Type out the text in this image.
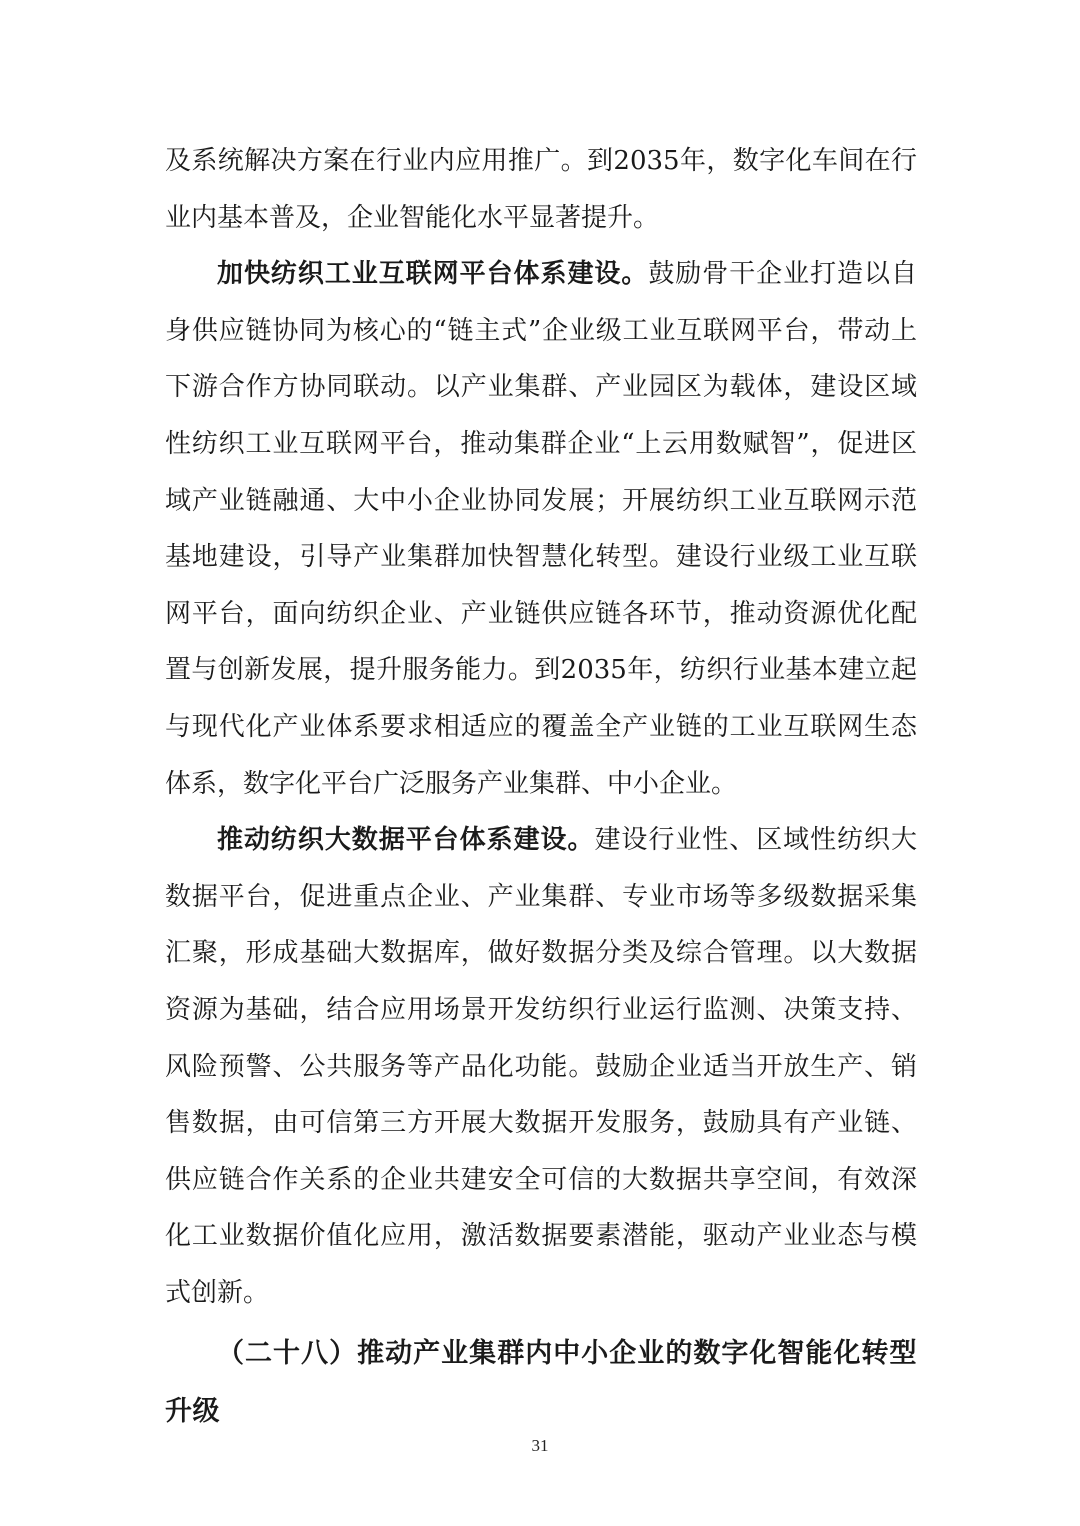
及系统解决方案在行业内应用推广。到2035年，数字化车间在行业内基本普及，企业智能化水平显著提升。

加快纺织工业互联网平台体系建设。鼓励骨干企业打造以自身供应链协同为核心的“链主式”企业级工业互联网平台，带动上下游合作方协同联动。以产业集群、产业园区为载体，建设区域性纺织工业互联网平台，推动集群企业“上云用数赋智”，促进区域产业链融通、大中小企业协同发展；开展纺织工业互联网示范基地建设，引导产业集群加快智慧化转型。建设行业级工业互联网平台，面向纺织企业、产业链供应链各环节，推动资源优化配置与创新发展，提升服务能力。到2035年，纺织行业基本建立起与现代化产业体系要求相适应的覆盖全产业链的工业互联网生态体系，数字化平台广泛服务产业集群、中小企业。

推动纺织大数据平台体系建设。建设行业性、区域性纺织大数据平台，促进重点企业、产业集群、专业市场等多级数据采集汇聚，形成基础大数据库，做好数据分类及综合管理。以大数据资源为基础，结合应用场景开发纺织行业运行监测、决策支持、风险预警、公共服务等产品化功能。鼓励企业适当开放生产、销售数据，由可信第三方开展大数据开发服务，鼓励具有产业链、供应链合作关系的企业共建安全可信的大数据共享空间，有效深化工业数据价值化应用，激活数据要素潜能，驱动产业业态与模式创新。

（二十八）推动产业集群内中小企业的数字化智能化转型升级
31
